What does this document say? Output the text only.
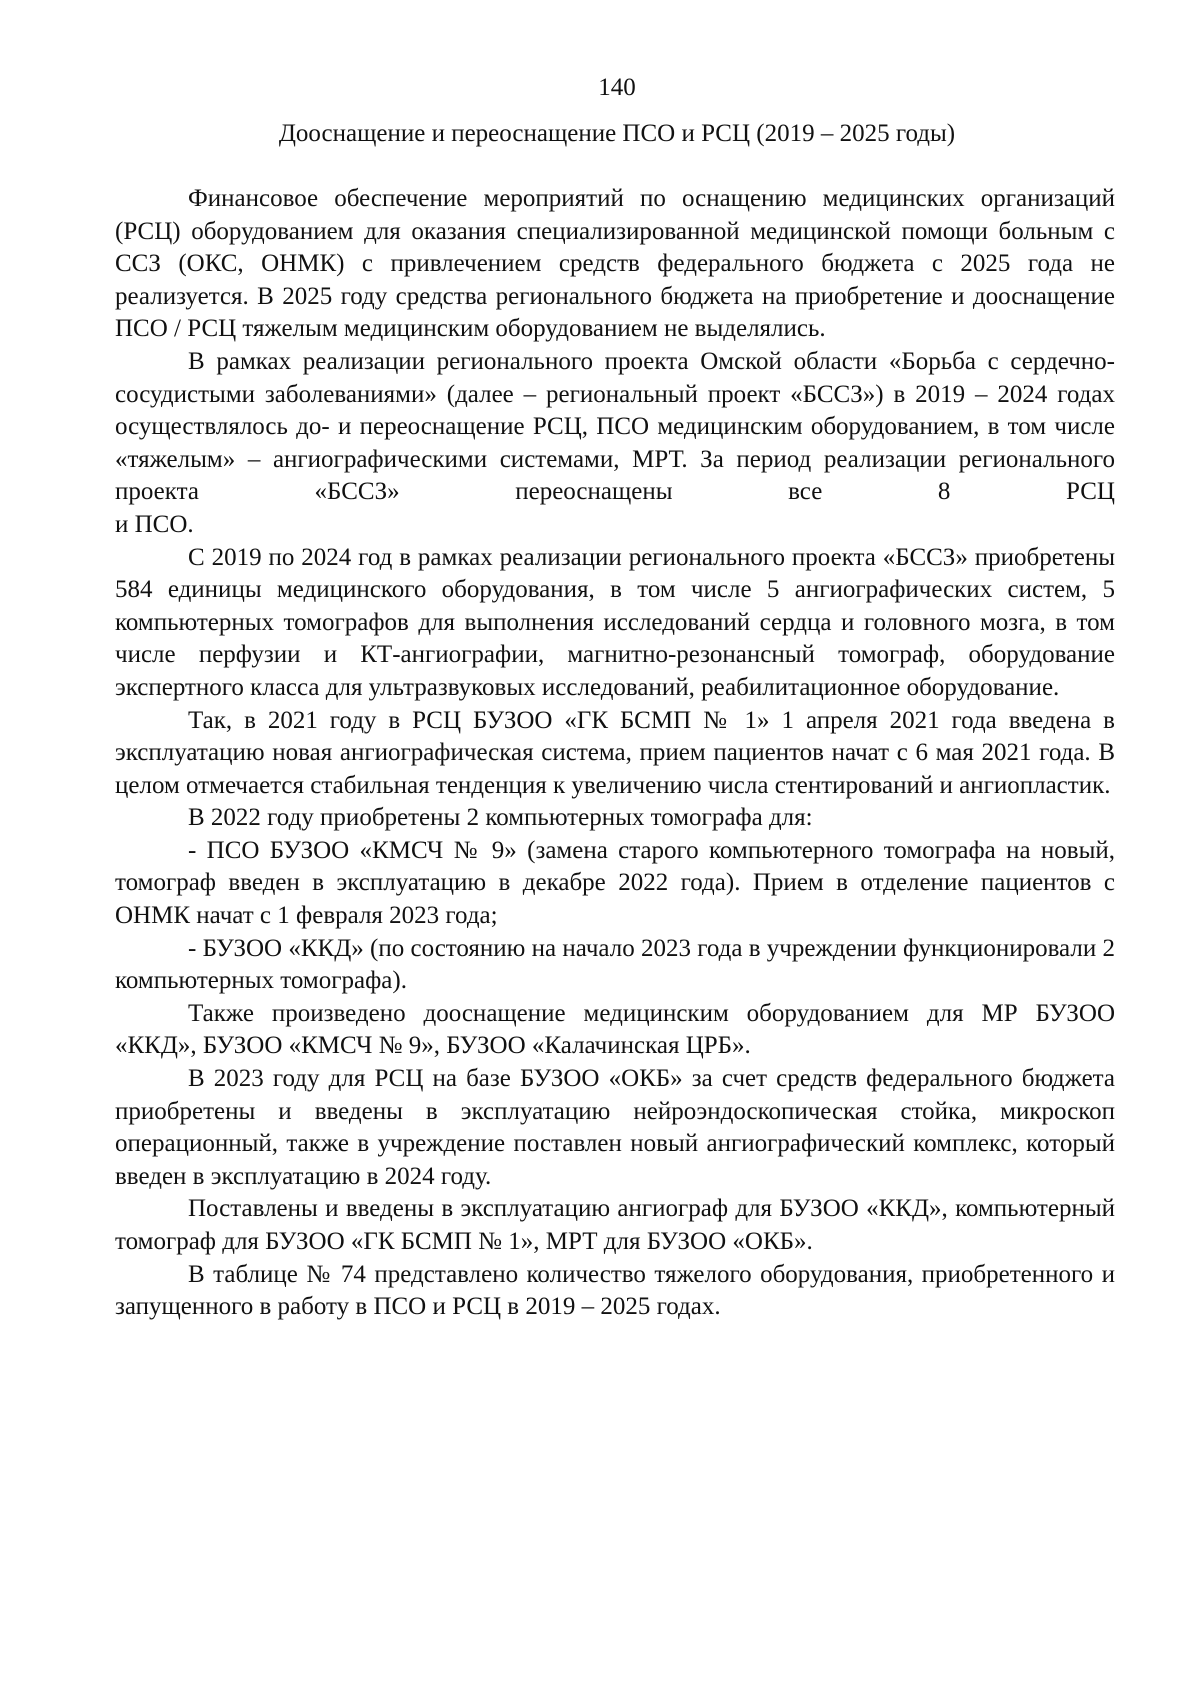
140
Дооснащение и переоснащение ПСО и РСЦ (2019 – 2025 годы)

Финансовое обеспечение мероприятий по оснащению медицинских организаций (РСЦ) оборудованием для оказания специализированной медицинской помощи больным с ССЗ (ОКС, ОНМК) с привлечением средств федерального бюджета с 2025 года не реализуется. В 2025 году средства регионального бюджета на приобретение и дооснащение ПСО / РСЦ тяжелым медицинским оборудованием не выделялись.

В рамках реализации регионального проекта Омской области «Борьба с сердечно-сосудистыми заболеваниями» (далее – региональный проект «БССЗ») в 2019 – 2024 годах осуществлялось до- и переоснащение РСЦ, ПСО медицинским оборудованием, в том числе «тяжелым» – ангиографическими системами, МРТ. За период реализации регионального проекта «БССЗ» переоснащены все 8 РСЦ

и ПСО.

С 2019 по 2024 год в рамках реализации регионального проекта «БССЗ» приобретены 584 единицы медицинского оборудования, в том числе 5 ангиографических систем, 5 компьютерных томографов для выполнения исследований сердца и головного мозга, в том числе перфузии и КТ-ангиографии, магнитно-резонансный томограф, оборудование экспертного класса для ультразвуковых исследований, реабилитационное оборудование.

Так, в 2021 году в РСЦ БУЗОО «ГК БСМП № 1» 1 апреля 2021 года введена в эксплуатацию новая ангиографическая система, прием пациентов начат с 6 мая 2021 года. В целом отмечается стабильная тенденция к увеличению числа стентирований и ангиопластик.

В 2022 году приобретены 2 компьютерных томографа для:

- ПСО БУЗОО «КМСЧ № 9» (замена старого компьютерного томографа на новый, томограф введен в эксплуатацию в декабре 2022 года). Прием в отделение пациентов с ОНМК начат с 1 февраля 2023 года;

- БУЗОО «ККД» (по состоянию на начало 2023 года в учреждении функционировали 2 компьютерных томографа).

Также произведено дооснащение медицинским оборудованием для МР БУЗОО «ККД», БУЗОО «КМСЧ № 9», БУЗОО «Калачинская ЦРБ».

В 2023 году для РСЦ на базе БУЗОО «ОКБ» за счет средств федерального бюджета приобретены и введены в эксплуатацию нейроэндоскопическая стойка, микроскоп операционный, также в учреждение поставлен новый ангиографический комплекс, который введен в эксплуатацию в 2024 году.

Поставлены и введены в эксплуатацию ангиограф для БУЗОО «ККД», компьютерный томограф для БУЗОО «ГК БСМП № 1», МРТ для БУЗОО «ОКБ».

В таблице № 74 представлено количество тяжелого оборудования, приобретенного и запущенного в работу в ПСО и РСЦ в 2019 – 2025 годах.
